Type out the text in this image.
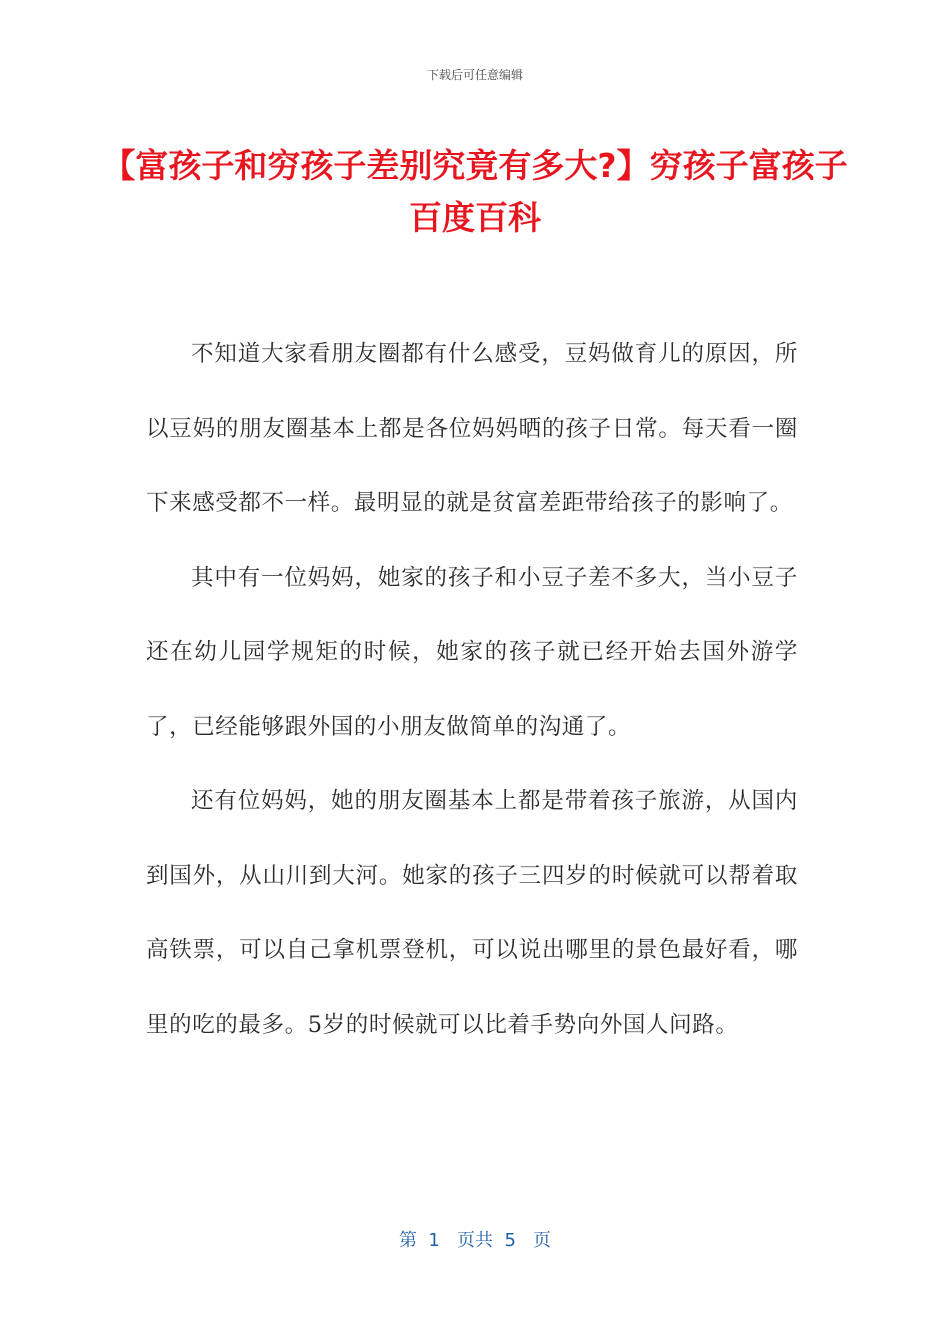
下载后可任意编辑
【富孩子和穷孩子差别究竟有多大?】穷孩子富孩子百度百科

不知道大家看朋友圈都有什么感受，豆妈做育儿的原因，所以豆妈的朋友圈基本上都是各位妈妈晒的孩子日常。每天看一圈下来感受都不一样。最明显的就是贫富差距带给孩子的影响了。

其中有一位妈妈，她家的孩子和小豆子差不多大，当小豆子还在幼儿园学规矩的时候，她家的孩子就已经开始去国外游学了，已经能够跟外国的小朋友做简单的沟通了。

还有位妈妈，她的朋友圈基本上都是带着孩子旅游，从国内到国外，从山川到大河。她家的孩子三四岁的时候就可以帮着取高铁票，可以自己拿机票登机，可以说出哪里的景色最好看，哪里的吃的最多。5岁的时候就可以比着手势向外国人问路。

第  1   页共  5   页
